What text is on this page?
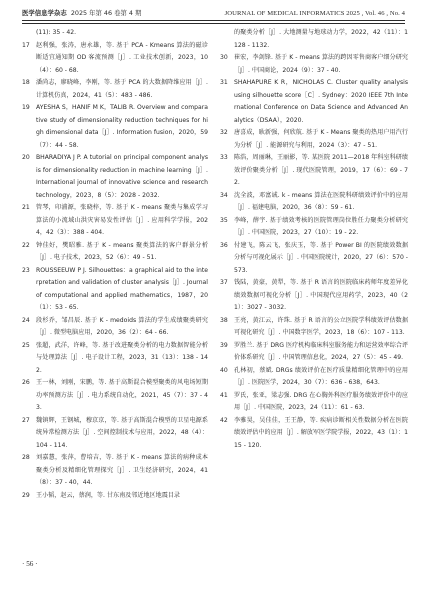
医学信息学杂志 2025 年第 46 卷第 4 期	JOURNAL OF MEDICAL INFORMATICS 2025 , Vol. 46 , No. 4
(11): 35 - 42.
17	赵利强，张涛，唐永雄，等. 基于 PCA - Kmeans 算法的磁诊断适宜通知期 OD 客流预测［J］. 工业技术创新，2023，10（4）：60 - 68.
18	潘尚志，廖晓峰，李刚，等. 基于 PCA 的大数据降维应用［J］. 计算机仿真，2024，41（5）：483 - 486.
19	AYESHA S，HANIF M K，TALIB R. Overview and comparative study of dimensionality reduction techniques for high dimensional data［J］. Information fusion，2020，59（7）：44 - 58.
20	BHARADIYA J P. A tutorial on principal component analysis for dimensionality reduction in machine learning［J］. International journal of innovative science and research technology，2023，8（5）：2028 - 2032.
21	管琴，印浦源，张晓梓，等. 基于 K - means 聚类与集成学习算法的小流域山洪灾害易发性评估［J］. 应用科学学报，2024，42（3）：388 - 404.
22	钟佳好，樊昭雅. 基于 K - means 聚类算法的客户群景分析［J］. 电子技术，2023，52（6）：49 - 51.
23	ROUSSEEUW P J. Silhouettes：a graphical aid to the interpretation and validation of cluster analysis［J］. Journal of computational and applied mathematics，1987，20（1）：53 - 65.
24	段杉乔，邹昌辰. 基于 K - medoids 算法的学生成绩聚类研究［J］. 微型电脑应用，2020，36（2）：64 - 66.
25	张超，武洋，许峰，等. 基于改进聚类分析的电力数据智能分析与处理算法［J］. 电子设计工程，2023，31（13）：138 - 142.
26	王一林，刘刚，宋鹏，等. 基于高斯混合模型聚类的风电场短期功率预测方法［J］. 电力系统自动化，2021，45（7）：37 - 43.
27	魏镇辉，王钢城，穆京京，等. 基于高斯混合模型的卫星电源系统异常检测方法［J］. 空间控制技术与应用，2022，48（4）：104 - 114.
28	刘嘉慧，张萍，曹培吉，等. 基于 K - means 算法的病种成本聚类分析及精细化管理探究［J］. 卫生经济研究，2024，41（8）：37 - 40，44.
29	王小韬，赵云，蔡润，等. 甘东南及邻近地区地震目录
的聚类分析［J］. 大地测量与地球动力学，2022，42（11）：1128 - 1132.
30	崔宏，李剑锋. 基于 K - means 算法的跨因零售商客户细分研究［J］. 中国商论，2024（9）：37 - 40.
31	SHAHAPURE K R，NICHOLAS C. Cluster quality analysis using silhouette score［C］. Sydney：2020 IEEE 7th International Conference on Data Science and Advanced Analytics（DSAA），2020.
32	唐喜成，耿新强，何欣航. 基于 K - Means 聚类的热用户用汽行为分析［J］. 能源研究与利用，2024（3）：47 - 51.
33	陈浩，周丽琳，王丽影，等. 某医院 2011—2018 年科室科研绩效评价聚类分析［J］. 现代医院管理，2019，17（6）：69 - 72.
34	沈全波，邓富诚. k - means 算法在医院科研绩效评价中的应用［J］. 福建电脑，2020，36（8）：59 - 61.
35	李峰，薛宇. 基于绩效考核的医院管理岗位胜任力聚类分析研究［J］. 中国医院，2023，27（10）：19 - 22.
36	付建飞，陈云飞，张庆玉，等. 基于 Power BI 的医院绩效数据分析与可视化展示［J］. 中国医院统计，2020，27（6）：570 - 573.
37	钱陆，黄豪，黄犁，等. 基于 R 语言的医院临床药师年度差异化绩效数据可视化分析［J］. 中国现代应用药学，2023，40（21）：3027 - 3032.
38	王亮，黄江云，许珠. 基于 R 语言的公立医院学科绩效评估数据可视化研究［J］. 中国数字医学，2023，18（6）：107 - 113.
39	罗胜兰. 基于 DRG 医疗机构临床科室服务能力和运营效率综合评价体系研究［J］. 中国管理信息化，2024，27（5）：45 - 49.
40	孔林初，蔡斌. DRGs 绩效评价在医疗质量精细化管理中的应用［J］. 医院医学，2024，30（7）：636 - 638，643.
41	罗氏，张亚，梁志强. DRG 在心胸外科医疗服务绩效评价中的应用［J］. 中国医院，2023，24（11）：61 - 63.
42	李雅昊，吴佳佳，王王静，等. 疾病诊断相关性数据分析在医院绩效评估中的应用［J］. 解放军医学院学报，2022，43（1）：115 - 120.
· 56 ·
